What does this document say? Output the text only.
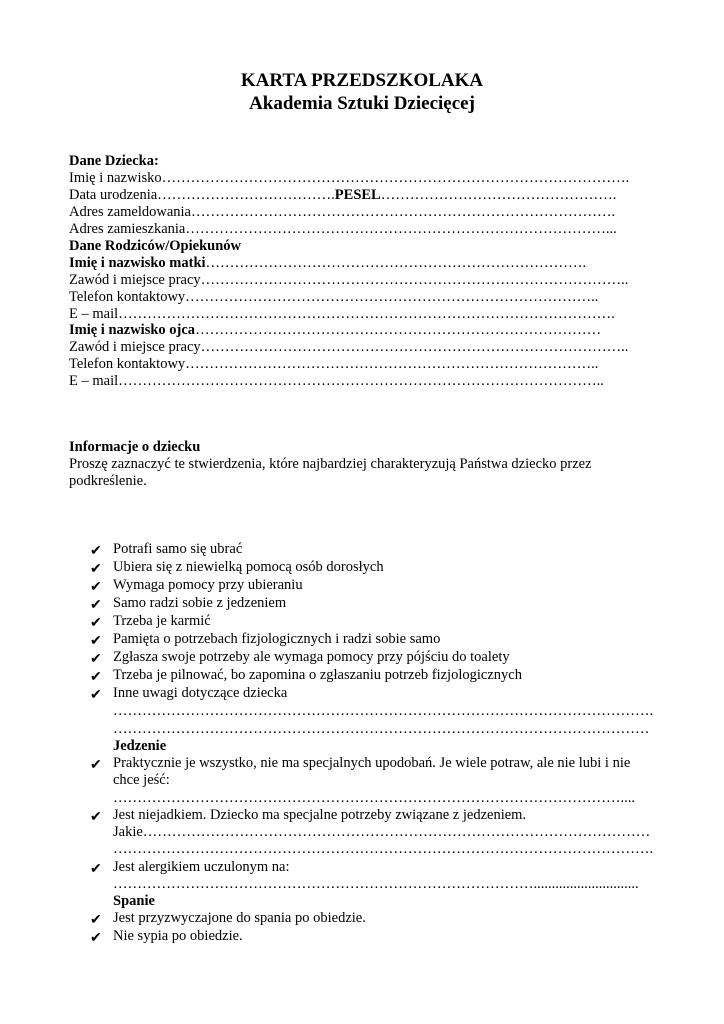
KARTA PRZEDSZKOLAKA
Akademia Sztuki Dziecięcej
Dane Dziecka:
Imię i nazwisko…………………………………………………………………………………….
Data urodzenia……………………………….PESEL………………………………………….
Adres zameldowania…………………………………………………………………………….
Adres zamieszkania……………………………………………………………………………...
Dane Rodziców/Opiekunów
Imię i nazwisko matki…………………………………………………………………….
Zawód i miejsce pracy……………………………………………………………………………..
Telefon kontaktowy…………………………………………………………………………..
E – mail………………………………………………………………………………………….
Imię i nazwisko ojca…………………………………………………………………………
Zawód i miejsce pracy……………………………………………………………………………..
Telefon kontaktowy…………………………………………………………………………..
E – mail………………………………………………………………………………………..
Informacje o dziecku
Proszę zaznaczyć te stwierdzenia, które najbardziej charakteryzują Państwa dziecko przez
podkreślenie.
✔ Potrafi samo się ubrać
✔ Ubiera się z niewielką pomocą osób dorosłych
✔ Wymaga pomocy przy ubieraniu
✔ Samo radzi sobie z jedzeniem
✔ Trzeba je karmić
✔ Pamięta o potrzebach fizjologicznych i radzi sobie samo
✔ Zgłasza swoje potrzeby ale wymaga pomocy przy pójściu do toalety
✔ Trzeba je pilnować, bo zapomina o zgłaszaniu potrzeb fizjologicznych
✔ Inne uwagi dotyczące dziecka
………………………………………………………………………………………………….
…………………………………………………………………………………………………
Jedzenie
✔ Praktycznie je wszystko, nie ma specjalnych upodobań. Je wiele potraw, ale nie lubi i nie
chce jeść:
……………………………………………………………………………………………....
✔ Jest niejadkiem. Dziecko ma specjalne potrzeby związane z jedzeniem.
Jakie……………………………………………………………………………………………
………………………………………………………………………………………………….
✔ Jest alergikiem uczulonym na:
…………………………………………………………………………….............................
Spanie
✔ Jest przyzwyczajone do spania po obiedzie.
✔ Nie sypia po obiedzie.
